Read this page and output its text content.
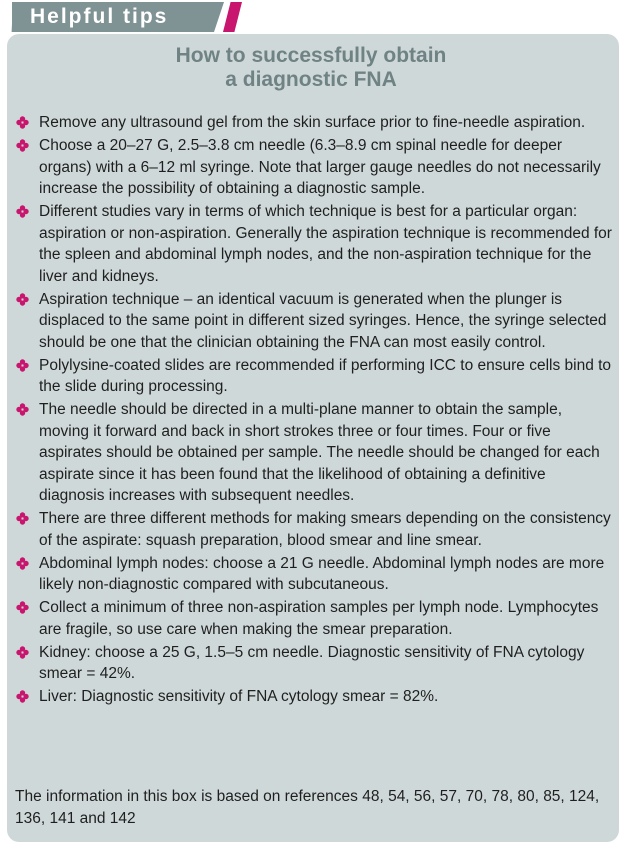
Helpful tips
How to successfully obtain
a diagnostic FNA
Remove any ultrasound gel from the skin surface prior to fine-needle aspiration.
Choose a 20–27 G, 2.5–3.8 cm needle (6.3–8.9 cm spinal needle for deeper organs) with a 6–12 ml syringe. Note that larger gauge needles do not necessarily increase the possibility of obtaining a diagnostic sample.
Different studies vary in terms of which technique is best for a particular organ: aspiration or non-aspiration. Generally the aspiration technique is recommended for the spleen and abdominal lymph nodes, and the non-aspiration technique for the liver and kidneys.
Aspiration technique – an identical vacuum is generated when the plunger is displaced to the same point in different sized syringes. Hence, the syringe selected should be one that the clinician obtaining the FNA can most easily control.
Polylysine-coated slides are recommended if performing ICC to ensure cells bind to the slide during processing.
The needle should be directed in a multi-plane manner to obtain the sample, moving it forward and back in short strokes three or four times. Four or five aspirates should be obtained per sample. The needle should be changed for each aspirate since it has been found that the likelihood of obtaining a definitive diagnosis increases with subsequent needles.
There are three different methods for making smears depending on the consistency of the aspirate: squash preparation, blood smear and line smear.
Abdominal lymph nodes: choose a 21 G needle. Abdominal lymph nodes are more likely non-diagnostic compared with subcutaneous.
Collect a minimum of three non-aspiration samples per lymph node. Lymphocytes are fragile, so use care when making the smear preparation.
Kidney: choose a 25 G, 1.5–5 cm needle. Diagnostic sensitivity of FNA cytology smear = 42%.
Liver: Diagnostic sensitivity of FNA cytology smear = 82%.
The information in this box is based on references 48, 54, 56, 57, 70, 78, 80, 85, 124, 136, 141 and 142
